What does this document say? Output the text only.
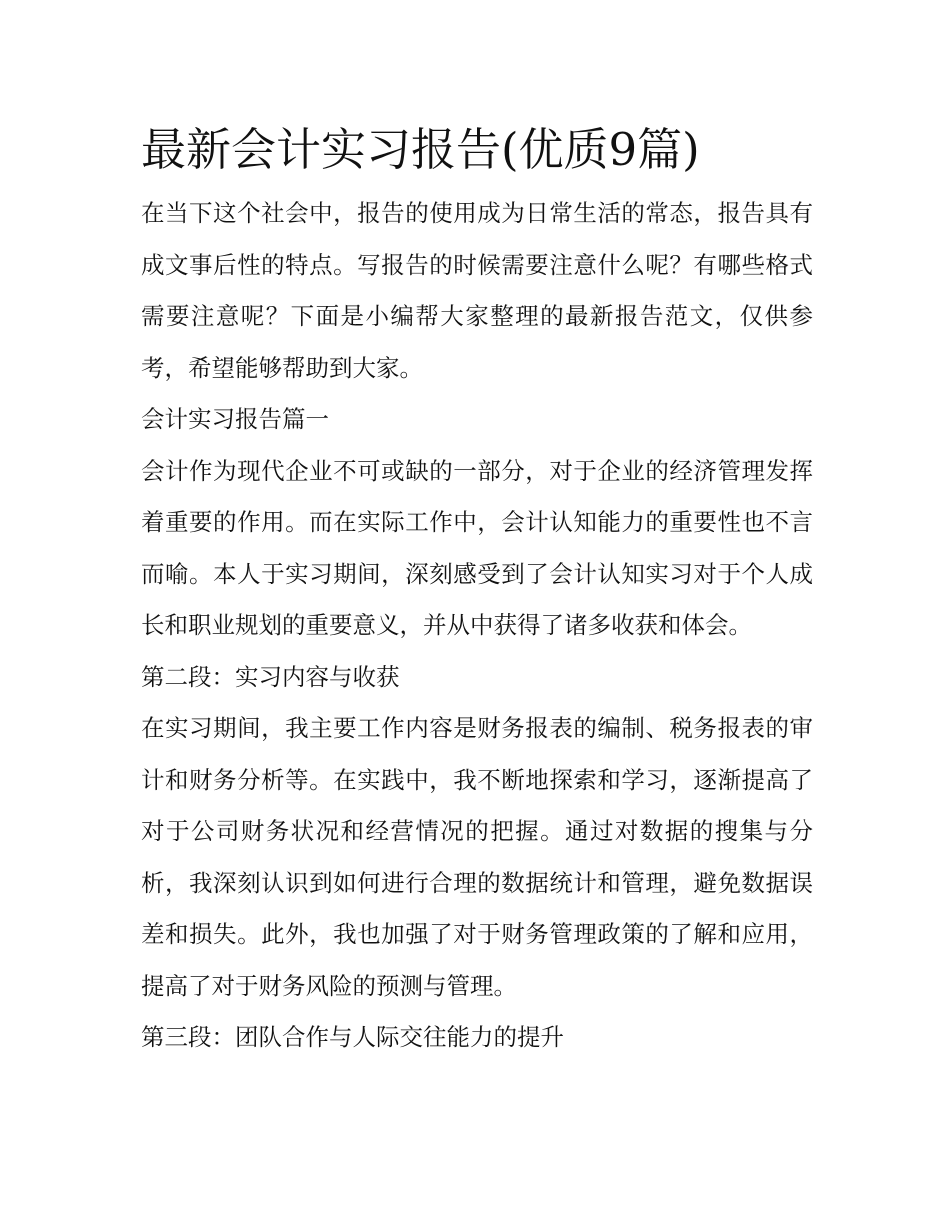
最新会计实习报告(优质9篇)

在当下这个社会中，报告的使用成为日常生活的常态，报告具有成文事后性的特点。写报告的时候需要注意什么呢？有哪些格式需要注意呢？下面是小编帮大家整理的最新报告范文，仅供参考，希望能够帮助到大家。

会计实习报告篇一

会计作为现代企业不可或缺的一部分，对于企业的经济管理发挥着重要的作用。而在实际工作中，会计认知能力的重要性也不言而喻。本人于实习期间，深刻感受到了会计认知实习对于个人成长和职业规划的重要意义，并从中获得了诸多收获和体会。

第二段：实习内容与收获

在实习期间，我主要工作内容是财务报表的编制、税务报表的审计和财务分析等。在实践中，我不断地探索和学习，逐渐提高了对于公司财务状况和经营情况的把握。通过对数据的搜集与分析，我深刻认识到如何进行合理的数据统计和管理，避免数据误差和损失。此外，我也加强了对于财务管理政策的了解和应用，提高了对于财务风险的预测与管理。

第三段：团队合作与人际交往能力的提升
